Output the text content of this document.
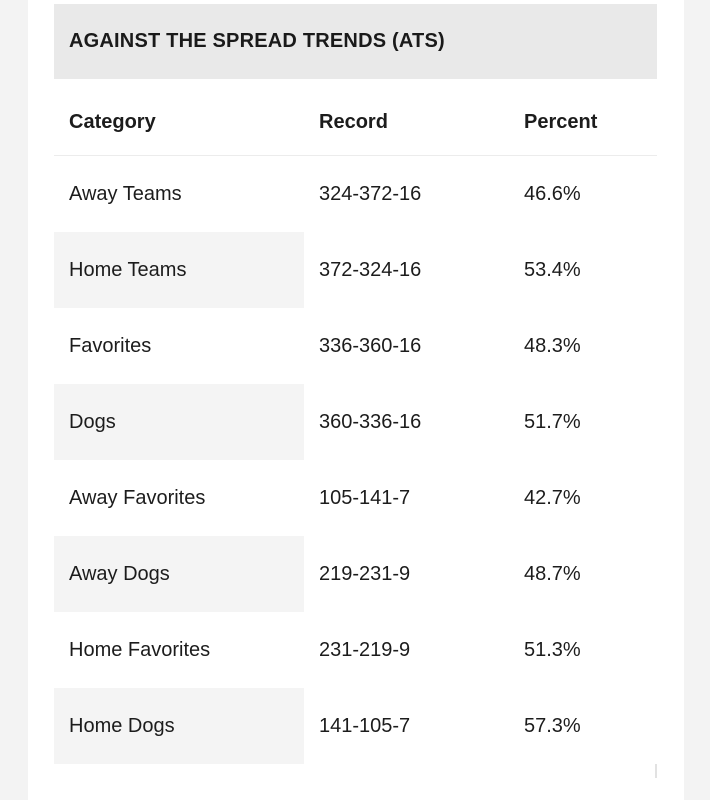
AGAINST THE SPREAD TRENDS (ATS)
Category	Record	Percent
Away Teams	324-372-16	46.6%
Home Teams	372-324-16	53.4%
Favorites	336-360-16	48.3%
Dogs	360-336-16	51.7%
Away Favorites	105-141-7	42.7%
Away Dogs	219-231-9	48.7%
Home Favorites	231-219-9	51.3%
Home Dogs	141-105-7	57.3%
